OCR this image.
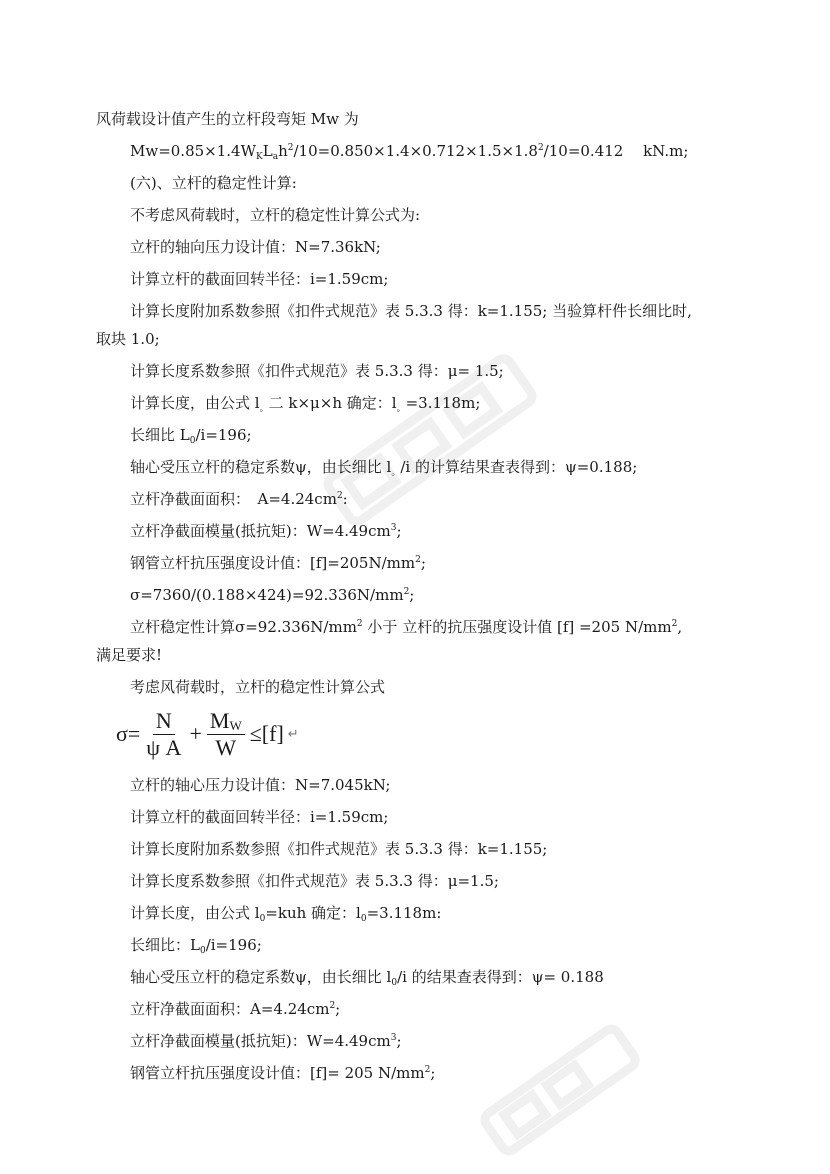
风荷载设计值产生的立杆段弯矩 Mw 为
$Mw=0.85\times 1.4W_KL_ah^2/10=0.850\times 1.4\times 0.712\times 1.5\times 1.8^2/10=0.412$　 kN.m;
(六)、立杆的稳定性计算:
不考虑风荷载时，立杆的稳定性计算公式为:
立杆的轴向压力设计值：N=7.36kN;
计算立杆的截面回转半径：i=1.59cm;
计算长度附加系数参照《扣件式规范》表 5.3.3 得：k=1.155; 当验算杆件长细比时,
取块 1.0;
计算长度系数参照《扣件式规范》表 5.3.3 得：μ= 1.5;
计算长度，由公式 $l_。$二 k×μ×h 确定：$l_。=3.118m$;
长细比 $L_0/i=196$;
轴心受压立杆的稳定系数ψ，由长细比 $l_。/i$ 的计算结果查表得到：ψ=0.188;
立杆净截面面积：　$A=4.24cm^2$:
立杆净截面模量(抵抗矩)：$W=4.49cm^3$;
钢管立杆抗压强度设计值：$[f]=205N/mm^2$;
$\sigma=7360/(0.188\times 424)=92.336N/mm^2$;
立杆稳定性计算$\sigma=92.336N/mm^2$ 小于 立杆的抗压强度设计值 [f] =205 $N/mm^2$,
满足要求!
考虑风荷载时，立杆的稳定性计算公式
$\sigma= \frac{N}{\text{ψ A}} + \frac{M_W}{W} \le[f]$ ↵
立杆的轴心压力设计值：N=7.045kN;
计算立杆的截面回转半径：i=1.59cm;
计算长度附加系数参照《扣件式规范》表 5.3.3 得：k=1.155;
计算长度系数参照《扣件式规范》表 5.3.3 得：μ=1.5;
计算长度，由公式 $l_0=kuh$ 确定：$l_0=3.118m$:
长细比：$L_0/i=196$;
轴心受压立杆的稳定系数ψ，由长细比 $l_0/i$ 的结果查表得到：ψ= 0.188
立杆净截面面积：$A=4.24cm^2$;
立杆净截面模量(抵抗矩)：$W=4.49cm^3$;
钢管立杆抗压强度设计值：[f]= 205 $N/mm^2$;
